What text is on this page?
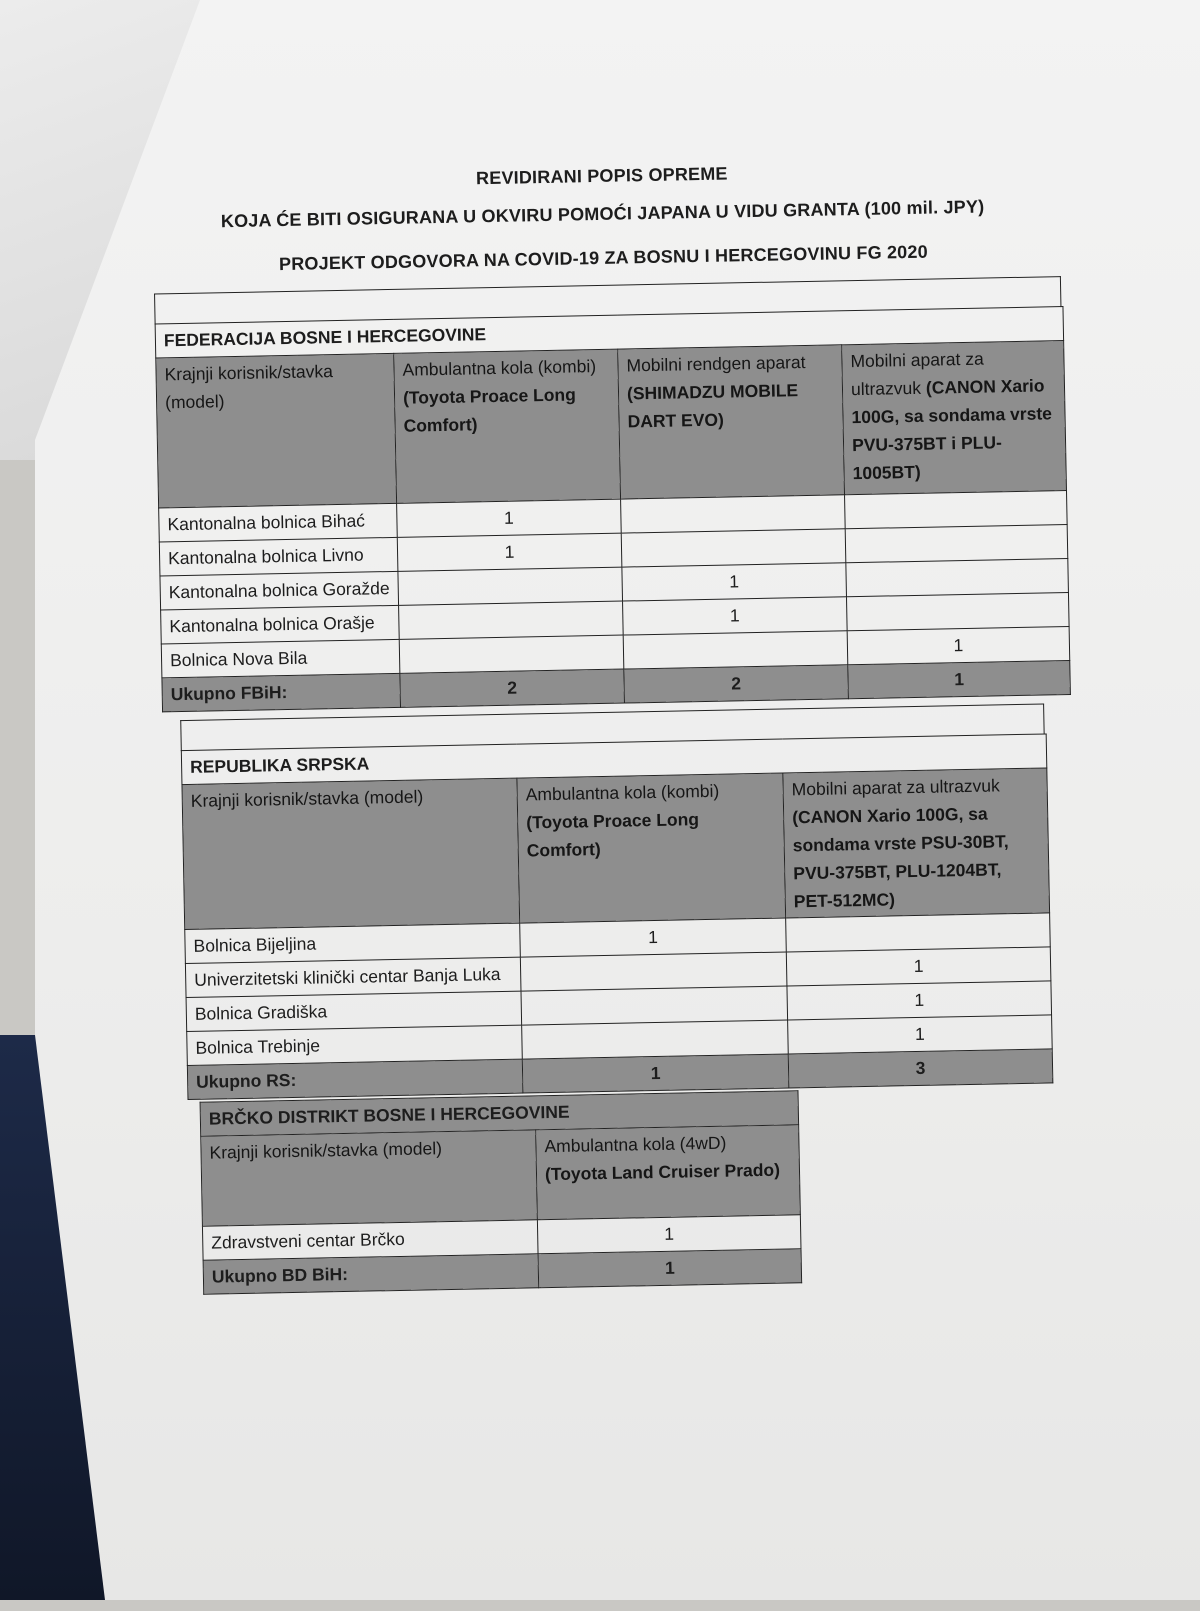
REVIDIRANI POPIS OPREME
KOJA ĆE BITI OSIGURANA U OKVIRU POMOĆI JAPANA U VIDU GRANTA (100 mil. JPY)
PROJEKT ODGOVORA NA COVID-19 ZA BOSNU I HERCEGOVINU FG 2020
FEDERACIJA BOSNE I HERCEGOVINE			
Krajnji korisnik/stavka (model)	Ambulantna kola (kombi) (Toyota Proace Long Comfort)	Mobilni rendgen aparat (SHIMADZU MOBILE DART EVO)	Mobilni aparat za ultrazvuk (CANON Xario 100G, sa sondama vrste PVU-375BT i PLU-1005BT)
Kantonalna bolnica Bihać	1		
Kantonalna bolnica Livno	1		
Kantonalna bolnica Goražde		1	
Kantonalna bolnica Orašje		1	
Bolnica Nova Bila			1
Ukupno FBiH:	2	2	1
REPUBLIKA SRPSKA		
Krajnji korisnik/stavka (model)	Ambulantna kola (kombi) (Toyota Proace Long Comfort)	Mobilni aparat za ultrazvuk (CANON Xario 100G, sa sondama vrste PSU-30BT, PVU-375BT, PLU-1204BT, PET-512MC)
Bolnica Bijeljina	1	
Univerzitetski klinički centar Banja Luka		1
Bolnica Gradiška		1
Bolnica Trebinje		1
Ukupno RS:	1	3
BRČKO DISTRIKT BOSNE I HERCEGOVINE	
Krajnji korisnik/stavka (model)	Ambulantna kola (4wD) (Toyota Land Cruiser Prado)
Zdravstveni centar Brčko	1
Ukupno BD BiH:	1
